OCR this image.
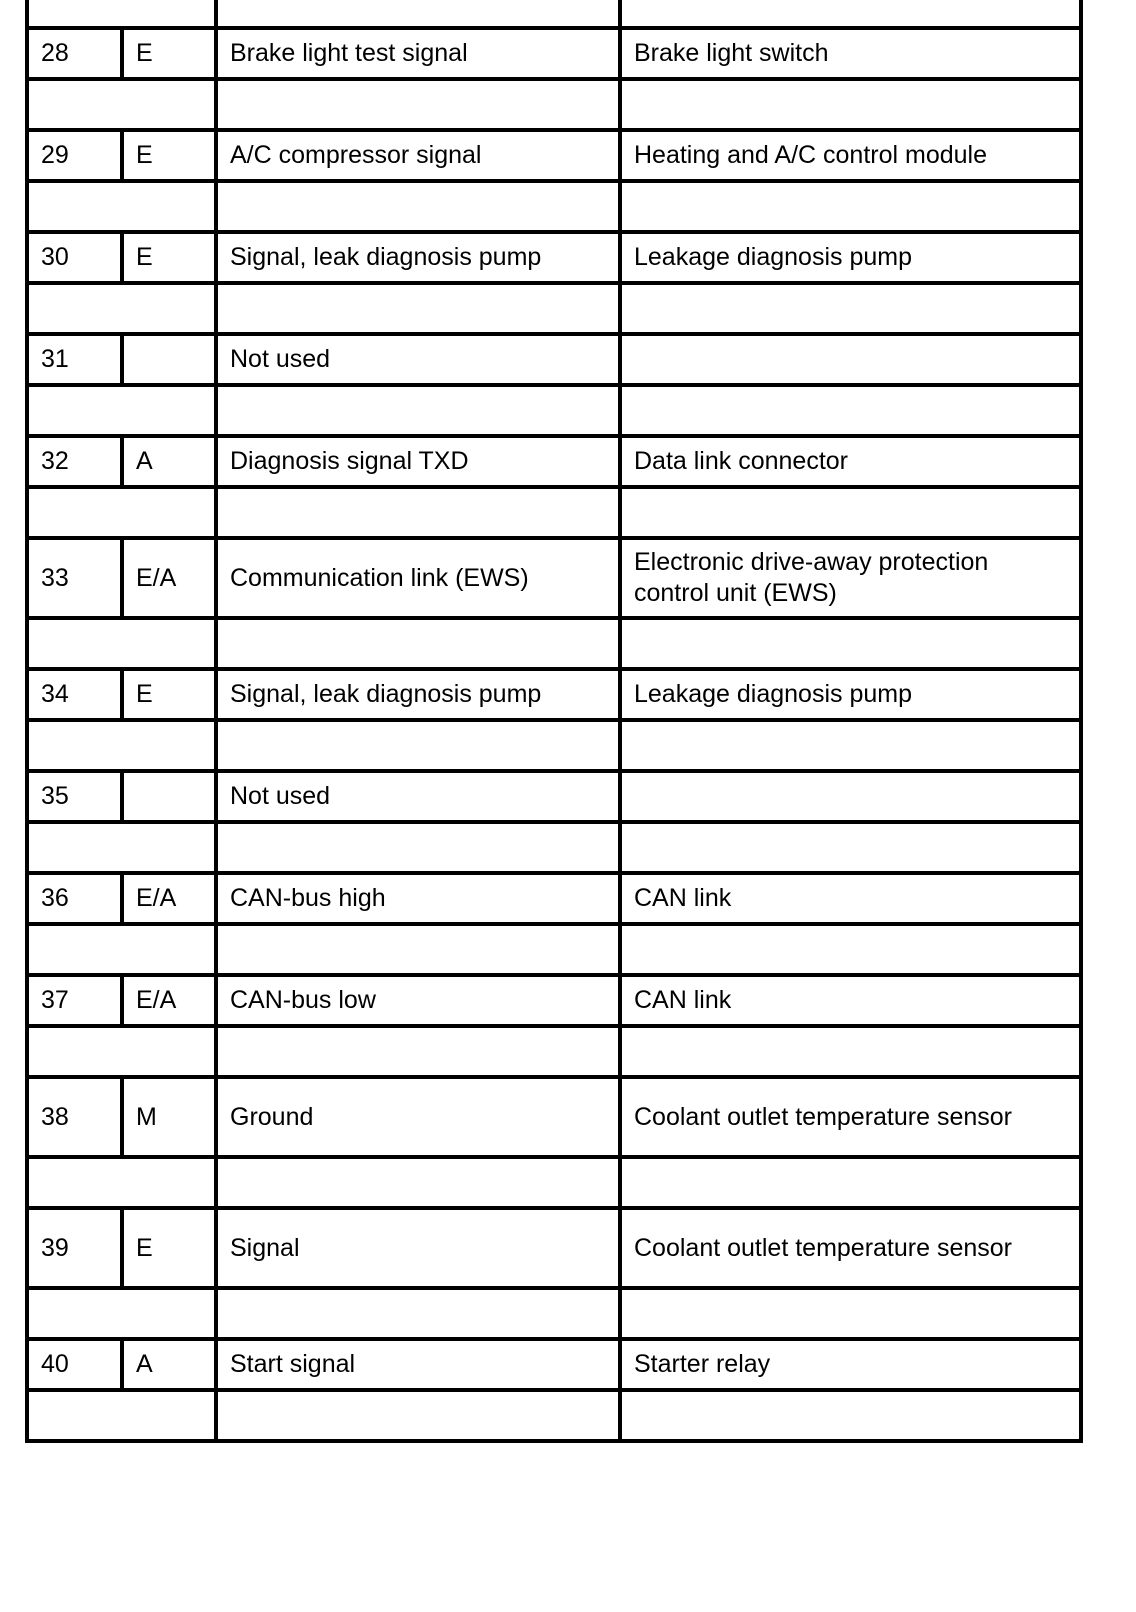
28	E	Brake light test signal	Brake light switch

29	E	A/C compressor signal	Heating and A/C control module

30	E	Signal, leak diagnosis pump	Leakage diagnosis pump

31		Not used	

32	A	Diagnosis signal TXD	Data link connector

33	E/A	Communication link (EWS)	Electronic drive-away protection control unit (EWS)

34	E	Signal, leak diagnosis pump	Leakage diagnosis pump

35		Not used	

36	E/A	CAN-bus high	CAN link

37	E/A	CAN-bus low	CAN link

38	M	Ground	Coolant outlet temperature sensor

39	E	Signal	Coolant outlet temperature sensor

40	A	Start signal	Starter relay
